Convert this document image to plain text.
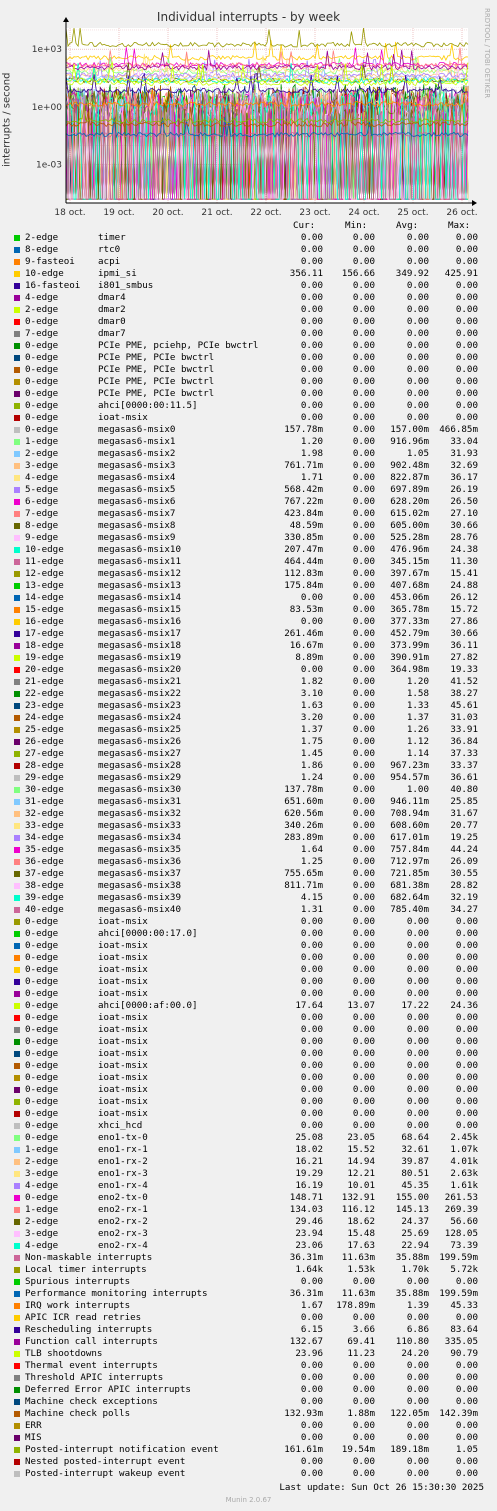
Individual interrupts - by week	RRDTOOL / TOBI OETIKER
18 oct. 19 oct. 20 oct. 21 oct. 22 oct. 23 oct. 24 oct. 25 oct. 26 oct.
1e+03
1e+00
1e-03
interrupts / second

Cur:

	Min:

	Avg:

	Max:

2-edge	timer	0.00	0.00	0.00	0.00
8-edge	rtc0	0.00	0.00	0.00	0.00
9-fasteoi	acpi	0.00	0.00	0.00	0.00
10-edge	ipmi_si	356.11	156.66	349.92	425.91
16-fasteoi i801_smbus	0.00	0.00	0.00	0.00
4-edge	dmar4	0.00	0.00	0.00	0.00
2-edge	dmar2	0.00	0.00	0.00	0.00
0-edge	dmar0	0.00	0.00	0.00	0.00
7-edge	dmar7	0.00	0.00	0.00	0.00
0-edge	PCIe PME, pciehp, PCIe bwctrl	0.00	0.00	0.00	0.00
0-edge	PCIe PME, PCIe bwctrl	0.00	0.00	0.00	0.00
0-edge	PCIe PME, PCIe bwctrl	0.00	0.00	0.00	0.00
0-edge	PCIe PME, PCIe bwctrl	0.00	0.00	0.00	0.00
0-edge	PCIe PME, PCIe bwctrl	0.00	0.00	0.00	0.00
0-edge	ahci[0000:00:11.5]	0.00	0.00	0.00	0.00
0-edge	ioat-msix	0.00	0.00	0.00	0.00
0-edge	megasas6-msix0	157.78m	0.00	157.00m	466.85m
1-edge	megasas6-msix1	1.20	0.00	916.96m	33.04
2-edge	megasas6-msix2	1.98	0.00	1.05	31.93
3-edge	megasas6-msix3	761.71m	0.00	902.48m	32.69
4-edge	megasas6-msix4	1.71	0.00	822.87m	36.17
5-edge	megasas6-msix5	568.42m	0.00	697.89m	26.19
6-edge	megasas6-msix6	767.22m	0.00	628.20m	26.50
7-edge	megasas6-msix7	423.84m	0.00	615.02m	27.10
8-edge	megasas6-msix8	48.59m	0.00	605.00m	30.66
9-edge	megasas6-msix9	330.85m	0.00	525.28m	28.76
10-edge	megasas6-msix10	207.47m	0.00	476.96m	24.38
11-edge	megasas6-msix11	464.44m	0.00	345.15m	11.30
12-edge	megasas6-msix12	112.83m	0.00	397.67m	15.41
13-edge	megasas6-msix13	175.84m	0.00	407.68m	24.88
14-edge	megasas6-msix14	0.00	0.00	453.06m	26.12
15-edge	megasas6-msix15	83.53m	0.00	365.78m	15.72
16-edge	megasas6-msix16	0.00	0.00	377.33m	27.86
17-edge	megasas6-msix17	261.46m	0.00	452.79m	30.66
18-edge	megasas6-msix18	16.67m	0.00	373.99m	36.11
19-edge	megasas6-msix19	8.89m	0.00	390.91m	27.82
20-edge	megasas6-msix20	0.00	0.00	364.98m	19.33
21-edge	megasas6-msix21	1.82	0.00	1.20	41.52
22-edge	megasas6-msix22	3.10	0.00	1.58	38.27
23-edge	megasas6-msix23	1.63	0.00	1.33	45.61
24-edge	megasas6-msix24	3.20	0.00	1.37	31.03
25-edge	megasas6-msix25	1.37	0.00	1.26	33.91
26-edge	megasas6-msix26	1.75	0.00	1.12	36.84
27-edge	megasas6-msix27	1.45	0.00	1.14	37.33
28-edge	megasas6-msix28	1.86	0.00	967.23m	33.37
29-edge	megasas6-msix29	1.24	0.00	954.57m	36.61
30-edge	megasas6-msix30	137.78m	0.00	1.00	40.80
31-edge	megasas6-msix31	651.60m	0.00	946.11m	25.85
32-edge	megasas6-msix32	620.56m	0.00	708.94m	31.67
33-edge	megasas6-msix33	340.26m	0.00	608.60m	20.77
34-edge	megasas6-msix34	283.89m	0.00	617.01m	19.25
35-edge	megasas6-msix35	1.64	0.00	757.84m	44.24
36-edge	megasas6-msix36	1.25	0.00	712.97m	26.09
37-edge	megasas6-msix37	755.65m	0.00	721.85m	30.55
38-edge	megasas6-msix38	811.71m	0.00	681.38m	28.82
39-edge	megasas6-msix39	4.15	0.00	682.64m	32.19
40-edge	megasas6-msix40	1.31	0.00	785.40m	34.27
0-edge	ioat-msix	0.00	0.00	0.00	0.00
0-edge	ahci[0000:00:17.0]	0.00	0.00	0.00	0.00
0-edge	ioat-msix	0.00	0.00	0.00	0.00
0-edge	ioat-msix	0.00	0.00	0.00	0.00
0-edge	ioat-msix	0.00	0.00	0.00	0.00
0-edge	ioat-msix	0.00	0.00	0.00	0.00
0-edge	ioat-msix	0.00	0.00	0.00	0.00
0-edge	ahci[0000:af:00.0]	17.64	13.07	17.22	24.36
0-edge	ioat-msix	0.00	0.00	0.00	0.00
0-edge	ioat-msix	0.00	0.00	0.00	0.00
0-edge	ioat-msix	0.00	0.00	0.00	0.00
0-edge	ioat-msix	0.00	0.00	0.00	0.00
0-edge	ioat-msix	0.00	0.00	0.00	0.00
0-edge	ioat-msix	0.00	0.00	0.00	0.00
0-edge	ioat-msix	0.00	0.00	0.00	0.00
0-edge	ioat-msix	0.00	0.00	0.00	0.00
0-edge	ioat-msix	0.00	0.00	0.00	0.00
0-edge	xhci_hcd	0.00	0.00	0.00	0.00
0-edge	eno1-tx-0	25.08	23.05	68.64	2.45k
1-edge	eno1-rx-1	18.02	15.52	32.61	1.07k
2-edge	eno1-rx-2	16.21	14.94	39.87	4.01k
3-edge	eno1-rx-3	19.29	12.21	80.51	2.63k
4-edge	eno1-rx-4	16.19	10.01	45.35	1.61k
0-edge	eno2-tx-0	148.71	132.91	155.00	261.53
1-edge	eno2-rx-1	134.03	116.12	145.13	269.39
2-edge	eno2-rx-2	29.46	18.62	24.37	56.60
3-edge	eno2-rx-3	23.94	15.48	25.69	128.05
4-edge	eno2-rx-4	23.06	17.63	22.94	73.39
Non-maskable interrupts	36.31m	11.63m	35.88m	199.59m
Local timer interrupts	1.64k	1.53k	1.70k	5.72k
Spurious interrupts	0.00	0.00	0.00	0.00
Performance monitoring interrupts	36.31m	11.63m	35.88m	199.59m
IRQ work interrupts	1.67	178.89m	1.39	45.33
APIC ICR read retries	0.00	0.00	0.00	0.00
Rescheduling interrupts	6.15	3.66	6.86	83.64
Function call interrupts	132.67	69.41	110.80	335.05
TLB shootdowns	23.96	11.23	24.20	90.79
Thermal event interrupts	0.00	0.00	0.00	0.00
Threshold APIC interrupts	0.00	0.00	0.00	0.00
Deferred Error APIC interrupts	0.00	0.00	0.00	0.00
Machine check exceptions	0.00	0.00	0.00	0.00
Machine check polls	132.93m	1.88m	122.05m	142.39m
ERR	0.00	0.00	0.00	0.00
MIS	0.00	0.00	0.00	0.00
Posted-interrupt notification event	161.61m	19.54m	189.18m	1.05
Nested posted-interrupt event	0.00	0.00	0.00	0.00
Posted-interrupt wakeup event	0.00	0.00	0.00	0.00
Last update: Sun Oct 26 15:30:30 2025
Munin 2.0.67
